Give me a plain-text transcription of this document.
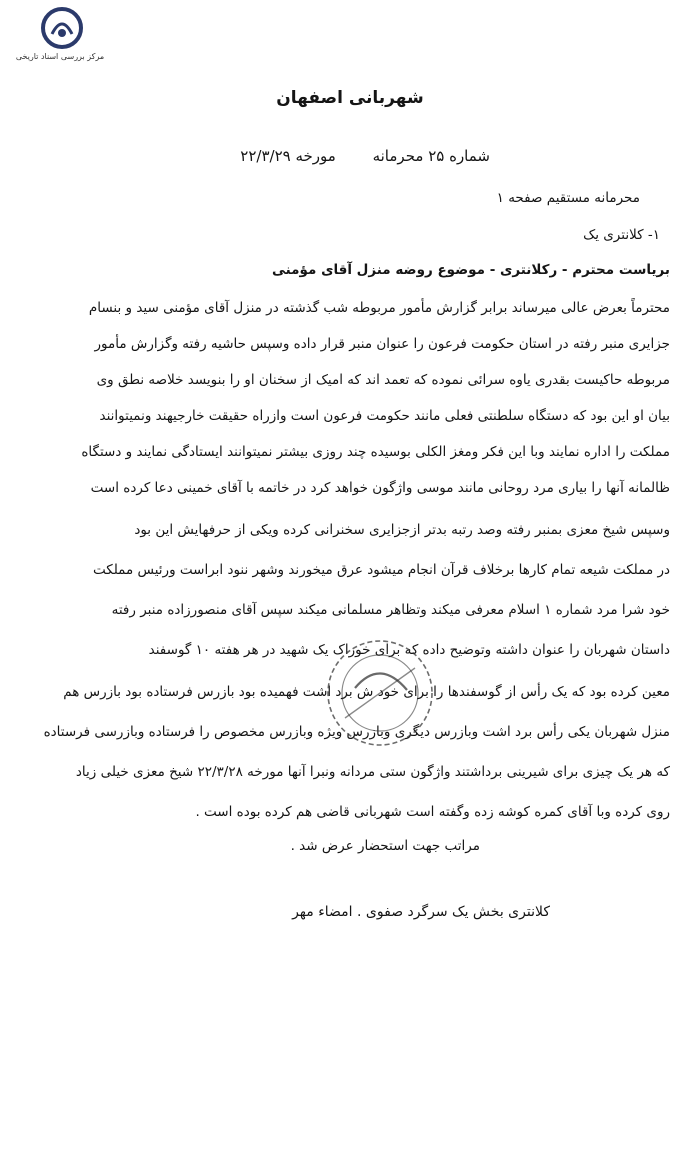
مرکز بررسی اسناد تاریخی
شهربانی اصفهان
شماره ۲۵ محرمانه مورخه ۲۲/۳/۲۹
محرمانه مستقیم صفحه ۱
۱- کلانتری یک
بریاست محترم - رکلانتری - موضوع روضه منزل آقای مؤمنی
محترماً بعرض عالی میرساند برابر گزارش مأمور مربوطه شب گذشته در منزل آقای مؤمنی سید و بنسام
جزایری منبر رفته در استان حکومت فرعون را عنوان منبر قرار داده وسپس حاشیه رفته وگزارش مأمور
مربوطه حاکیست بقدری یاوه سرائی نموده که تعمد اند که امیک از سخنان او را بنویسد خلاصه نطق وی
بیان او این بود که دستگاه سلطنتی فعلی مانند حکومت فرعون است وازراه حقیقت خارجیهند ونمیتوانند
مملکت را اداره نمایند وبا این فکر ومغز الکلی بوسیده چند روزی بیشتر نمیتوانند ایستادگی نمایند و دستگاه
ظالمانه آنها را بیاری مرد روحانی مانند موسی واژگون خواهد کرد در خاتمه با آقای خمینی دعا کرده است
وسپس شیخ معزی بمنبر رفته وصد رتبه بدتر ازجزایری سخنرانی کرده ویکی از حرفهایش این بود
در مملکت شیعه تمام کارها برخلاف قرآن انجام میشود عرق میخورند وشهر ننود ابراست ورئیس مملکت
خود شرا مرد شماره ۱ اسلام معرفی میکند وتظاهر مسلمانی میکند سپس آقای منصورزاده منبر رفته
داستان شهربان را عنوان داشته وتوضیح داده که برای خوراک یک شهید در هر هفته ۱۰ گوسفند
معین کرده بود که یک رأس از گوسفندها را برای خود ش برد اشت فهمیده بود بازرس فرستاده بود بازرس هم
منزل شهربان یکی رأس برد اشت وبازرس دیگری وبازرس ویژه وبازرس مخصوص را فرستاده وبازرسی فرستاده
که هر یک چیزی برای شیرینی برداشتند واژگون ستی مردانه ونبرا آنها مورخه ۲۲/۳/۲۸ شیخ معزی خیلی زیاد
روی کرده وبا آقای کمره کوشه زده وگفته است شهربانی قاضی هم کرده بوده است .
مراتب جهت استحضار عرض شد .
کلانتری بخش یک سرگرد صفوی . امضاء مهر
